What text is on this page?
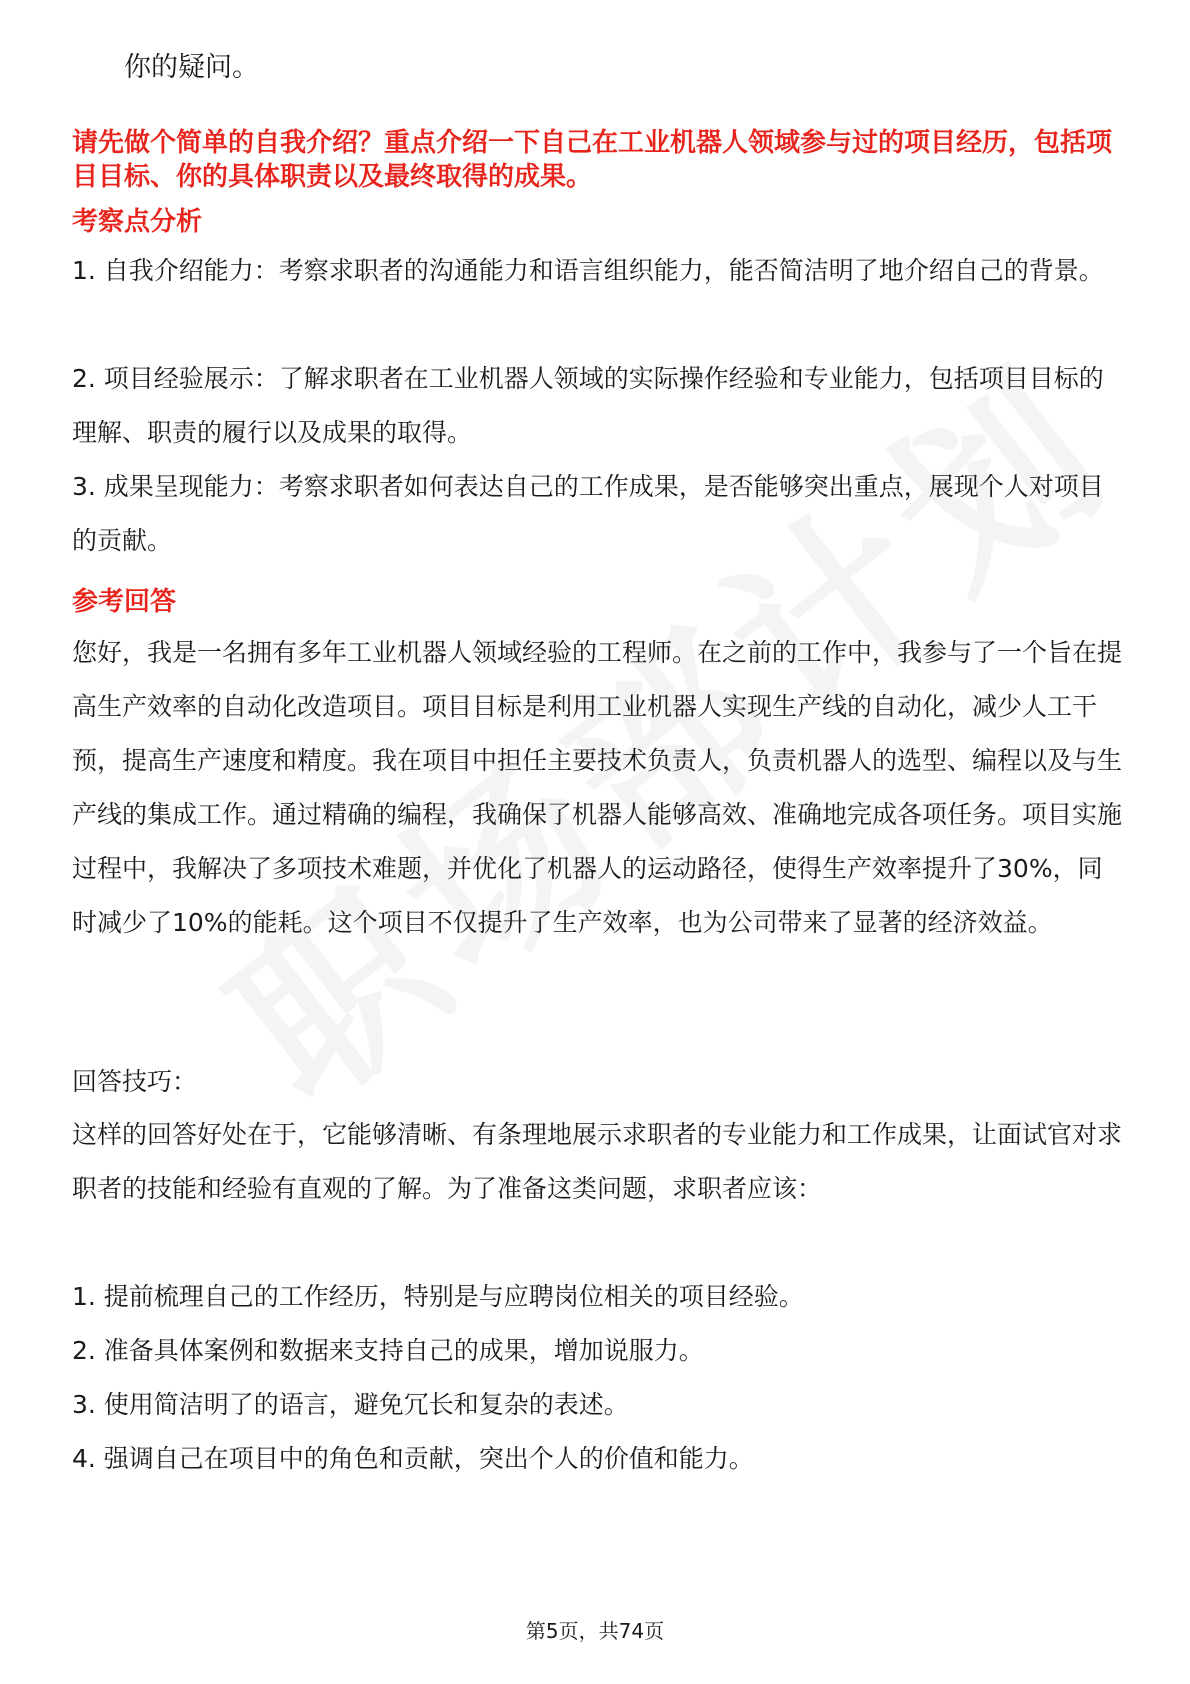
你的疑问。
请先做个简单的自我介绍？重点介绍一下自己在工业机器人领域参与过的项目经历，包括项目目标、你的具体职责以及最终取得的成果。
考察点分析
1. 自我介绍能力：考察求职者的沟通能力和语言组织能力，能否简洁明了地介绍自己的背景。
2. 项目经验展示：了解求职者在工业机器人领域的实际操作经验和专业能力，包括项目目标的理解、职责的履行以及成果的取得。
3. 成果呈现能力：考察求职者如何表达自己的工作成果，是否能够突出重点，展现个人对项目的贡献。
参考回答
您好，我是一名拥有多年工业机器人领域经验的工程师。在之前的工作中，我参与了一个旨在提高生产效率的自动化改造项目。项目目标是利用工业机器人实现生产线的自动化，减少人工干预，提高生产速度和精度。我在项目中担任主要技术负责人，负责机器人的选型、编程以及与生产线的集成工作。通过精确的编程，我确保了机器人能够高效、准确地完成各项任务。项目实施过程中，我解决了多项技术难题，并优化了机器人的运动路径，使得生产效率提升了30%，同时减少了10%的能耗。这个项目不仅提升了生产效率，也为公司带来了显著的经济效益。
回答技巧：
这样的回答好处在于，它能够清晰、有条理地展示求职者的专业能力和工作成果，让面试官对求职者的技能和经验有直观的了解。为了准备这类问题，求职者应该：
1. 提前梳理自己的工作经历，特别是与应聘岗位相关的项目经验。
2. 准备具体案例和数据来支持自己的成果，增加说服力。
3. 使用简洁明了的语言，避免冗长和复杂的表述。
4. 强调自己在项目中的角色和贡献，突出个人的价值和能力。
第5页，共74页
